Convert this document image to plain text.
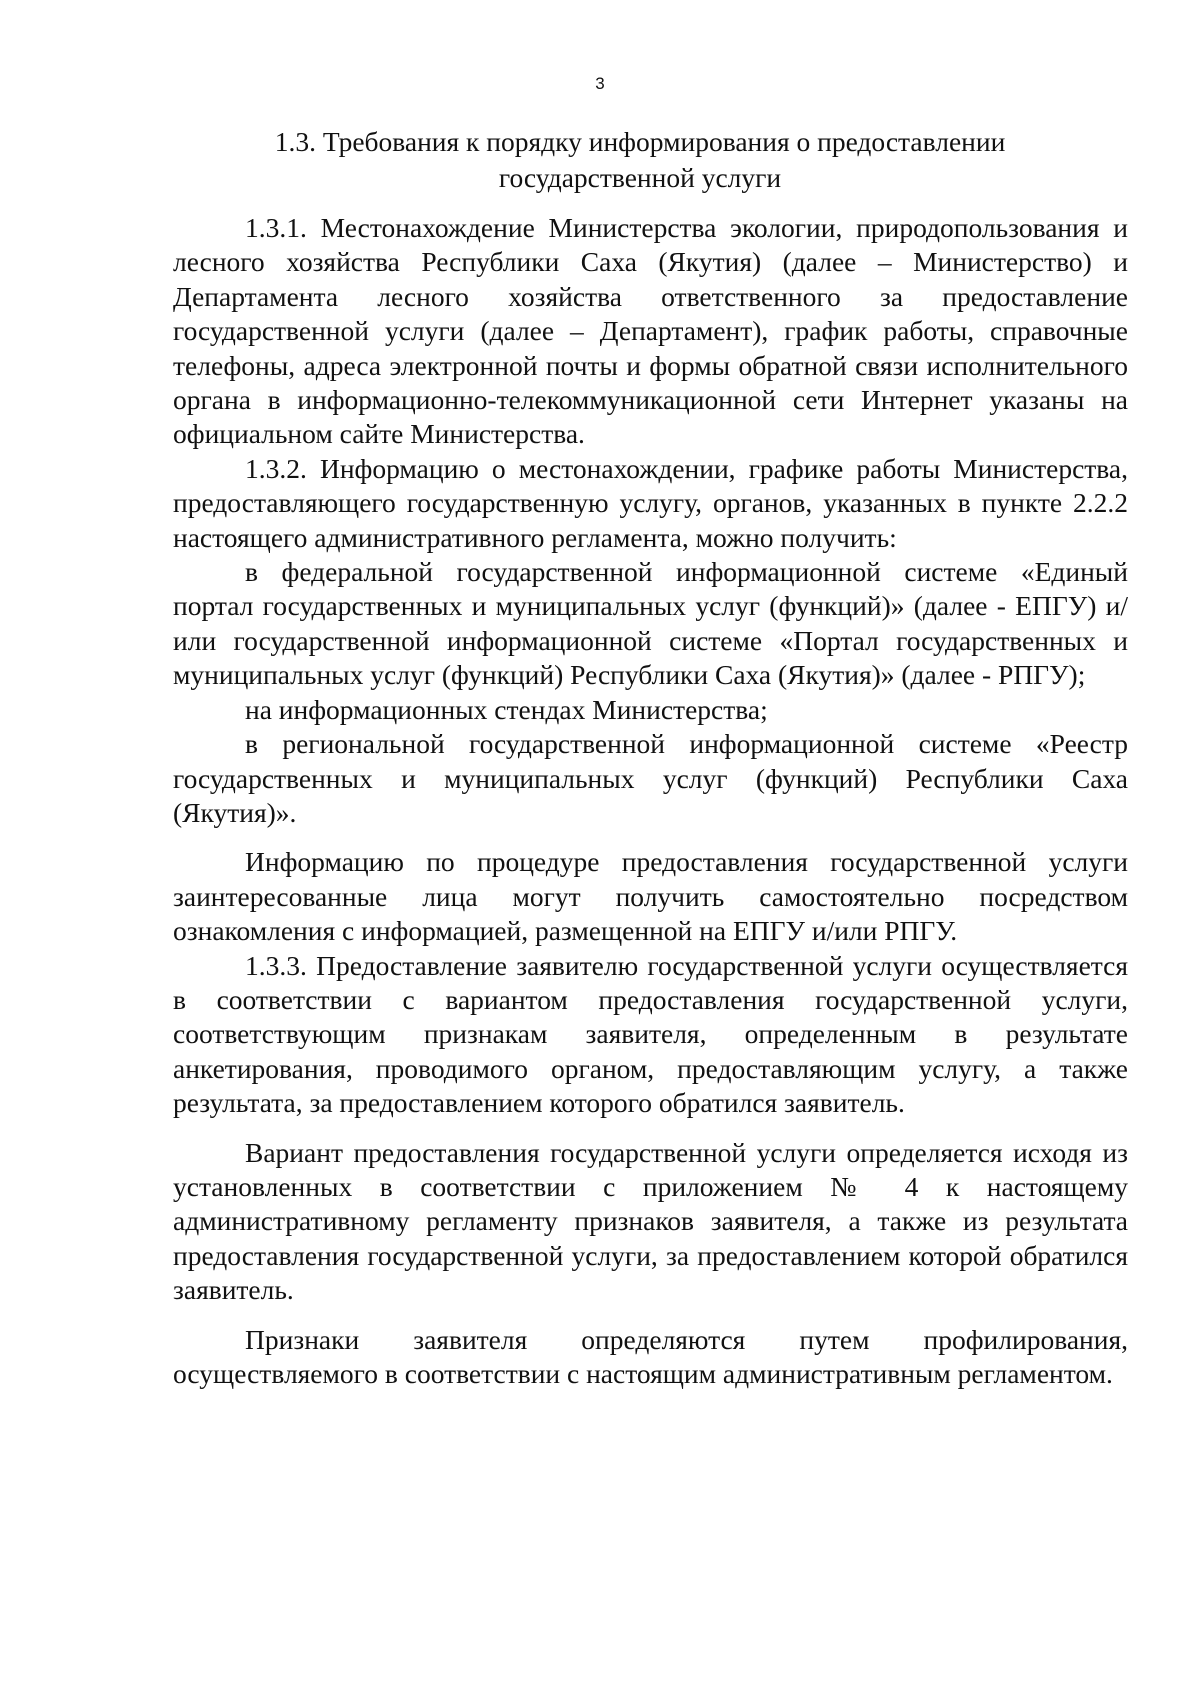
3
1.3. Требования к порядку информирования о предоставлении
государственной услуги

1.3.1. Местонахождение Министерства экологии, природопользования и лесного хозяйства Республики Саха (Якутия) (далее – Министерство) и Департамента лесного хозяйства ответственного за предоставление государственной услуги (далее – Департамент), график работы, справочные телефоны, адреса электронной почты и формы обратной связи исполнительного органа в информационно-телекоммуникационной сети Интернет указаны на официальном сайте Министерства.

1.3.2. Информацию о местонахождении, графике работы Министерства, предоставляющего государственную услугу, органов, указанных в пункте 2.2.2 настоящего административного регламента, можно получить:

в федеральной государственной информационной системе «Единый портал государственных и муниципальных услуг (функций)» (далее - ЕПГУ) и/или государственной информационной системе «Портал государственных и муниципальных услуг (функций) Республики Саха (Якутия)» (далее - РПГУ);

на информационных стендах Министерства;

в региональной государственной информационной системе «Реестр государственных и муниципальных услуг (функций) Республики Саха (Якутия)».

Информацию по процедуре предоставления государственной услуги заинтересованные лица могут получить самостоятельно посредством ознакомления с информацией, размещенной на ЕПГУ и/или РПГУ.

1.3.3. Предоставление заявителю государственной услуги осуществляется в соответствии с вариантом предоставления государственной услуги, соответствующим признакам заявителя, определенным в результате анкетирования, проводимого органом, предоставляющим услугу, а также результата, за предоставлением которого обратился заявитель.

Вариант предоставления государственной услуги определяется исходя из установленных в соответствии с приложением № 4 к настоящему административному регламенту признаков заявителя, а также из результата предоставления государственной услуги, за предоставлением которой обратился заявитель.

Признаки заявителя определяются путем профилирования, осуществляемого в соответствии с настоящим административным регламентом.
